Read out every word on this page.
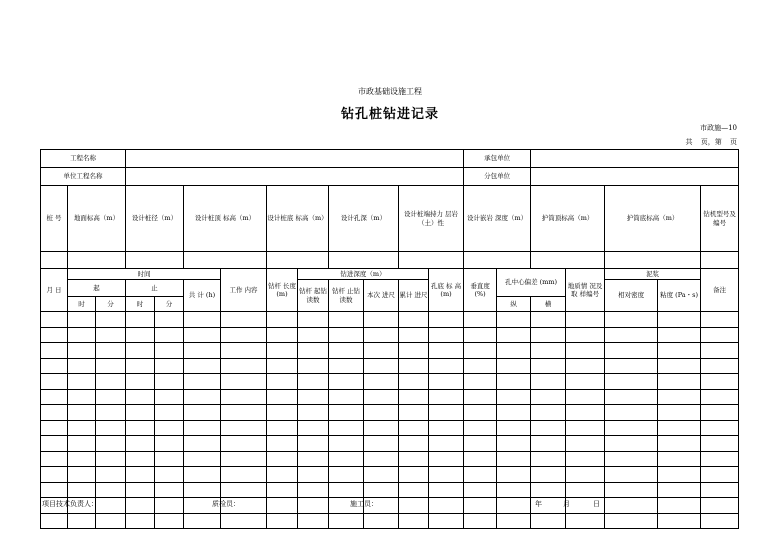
市政基础设施工程
钻孔桩钻进记录
市政施—10
共 页，第 页
工程名称													承包单位							
单位工程名称													分包单位							
桩 号	地面标高（m）		设计桩径（m）		设计桩顶 标高（m）		设计桩底 标高（m）		设计孔深（m）		设计桩端持力 层岩（土）性		设计嵌岩 深度（m）		护筒顶标高（m）		护筒底标高（m）		钻机型号及编号	

月 日	时间					工作 内容	钻杆 长度 (m)	钻进深度（m）				孔底 标 高 (m)	垂直度 (%)	孔中心偏差 (mm)		地质情 况及取 样编号	泥浆		备注	
	起		止		共 计 (h)			钻杆 起钻 读数	钻杆 止钻 读数	本次 进尺	累计 进尺						相对密度	粘度 (Pa・s)		
	时	分	时	分										纵	横					

项目技术负责人：	质检员：	施工员：	年	月	日
